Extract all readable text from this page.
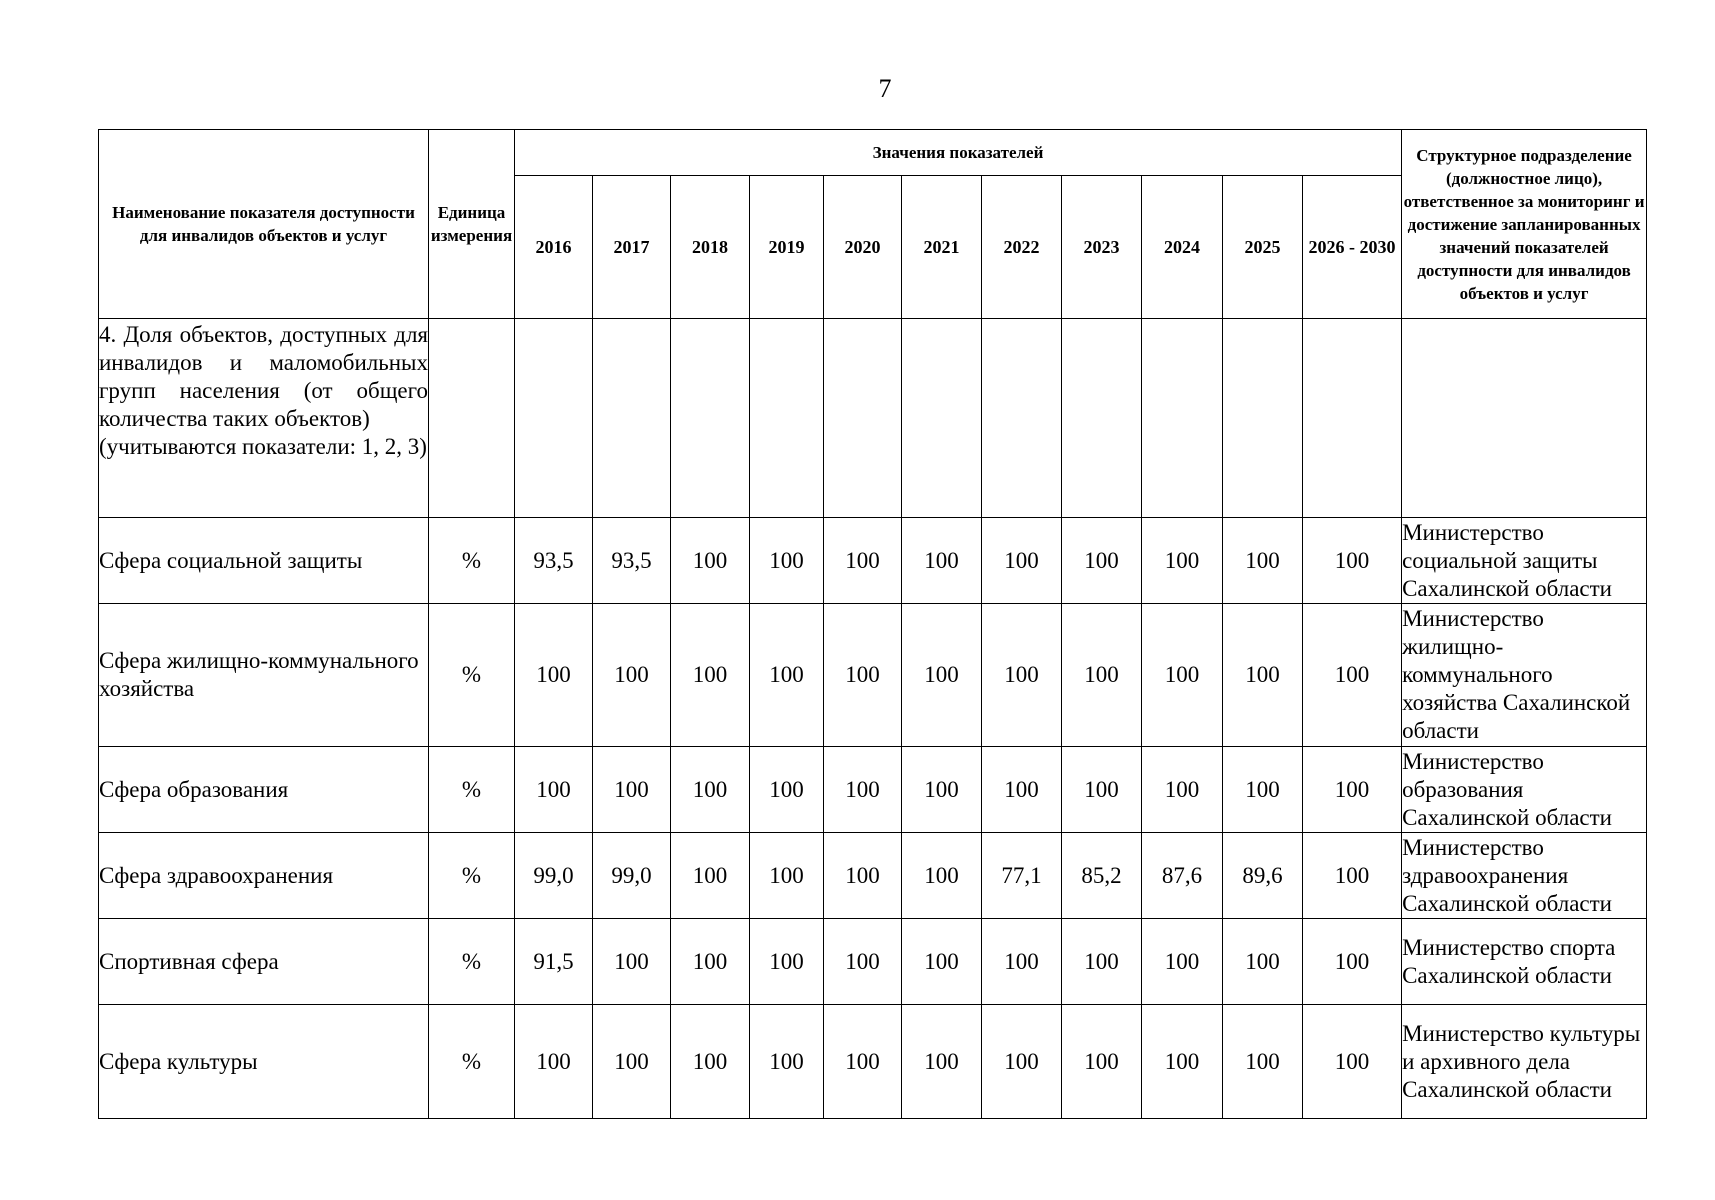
7
Наименование показателя доступности для инвалидов объектов и услуг	Единица измерения	Значения показателей											Структурное подразделение (должностное лицо), ответственное за мониторинг и достижение запланированных значений показателей доступности для инвалидов объектов и услуг
		2016	2017	2018	2019	2020	2021	2022	2023	2024	2025	2026 - 2030	

4. Доля объектов, доступных для инвалидов и маломобильных групп населения (от общего количества таких объектов)
(учитываются показатели: 1, 2, 3)													

Сфера социальной защиты	%	93,5	93,5	100	100	100	100	100	100	100	100	100	Министерство социальной защиты Сахалинской области
Сфера жилищно-коммунального хозяйства	%	100	100	100	100	100	100	100	100	100	100	100	Министерство жилищно-коммунального хозяйства Сахалинской области
Сфера образования	%	100	100	100	100	100	100	100	100	100	100	100	Министерство образования Сахалинской области
Сфера здравоохранения	%	99,0	99,0	100	100	100	100	77,1	85,2	87,6	89,6	100	Министерство здравоохранения Сахалинской области
Спортивная сфера	%	91,5	100	100	100	100	100	100	100	100	100	100	Министерство спорта Сахалинской области
Сфера культуры	%	100	100	100	100	100	100	100	100	100	100	100	Министерство культуры и архивного дела Сахалинской области
